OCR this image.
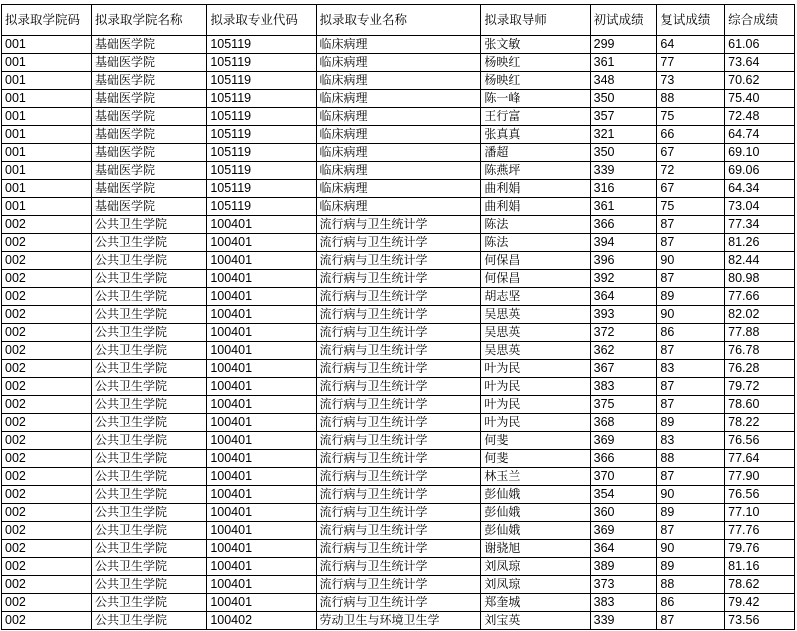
拟录取学院码	拟录取学院名称	拟录取专业代码	拟录取专业名称	拟录取导师	初试成绩	复试成绩	综合成绩
001	基础医学院	105119	临床病理	张文敏	299	64	61.06
001	基础医学院	105119	临床病理	杨映红	361	77	73.64
001	基础医学院	105119	临床病理	杨映红	348	73	70.62
001	基础医学院	105119	临床病理	陈一峰	350	88	75.40
001	基础医学院	105119	临床病理	王行富	357	75	72.48
001	基础医学院	105119	临床病理	张真真	321	66	64.74
001	基础医学院	105119	临床病理	潘超	350	67	69.10
001	基础医学院	105119	临床病理	陈燕坪	339	72	69.06
001	基础医学院	105119	临床病理	曲利娟	316	67	64.34
001	基础医学院	105119	临床病理	曲利娟	361	75	73.04
002	公共卫生学院	100401	流行病与卫生统计学	陈法	366	87	77.34
002	公共卫生学院	100401	流行病与卫生统计学	陈法	394	87	81.26
002	公共卫生学院	100401	流行病与卫生统计学	何保昌	396	90	82.44
002	公共卫生学院	100401	流行病与卫生统计学	何保昌	392	87	80.98
002	公共卫生学院	100401	流行病与卫生统计学	胡志坚	364	89	77.66
002	公共卫生学院	100401	流行病与卫生统计学	吴思英	393	90	82.02
002	公共卫生学院	100401	流行病与卫生统计学	吴思英	372	86	77.88
002	公共卫生学院	100401	流行病与卫生统计学	吴思英	362	87	76.78
002	公共卫生学院	100401	流行病与卫生统计学	叶为民	367	83	76.28
002	公共卫生学院	100401	流行病与卫生统计学	叶为民	383	87	79.72
002	公共卫生学院	100401	流行病与卫生统计学	叶为民	375	87	78.60
002	公共卫生学院	100401	流行病与卫生统计学	叶为民	368	89	78.22
002	公共卫生学院	100401	流行病与卫生统计学	何斐	369	83	76.56
002	公共卫生学院	100401	流行病与卫生统计学	何斐	366	88	77.64
002	公共卫生学院	100401	流行病与卫生统计学	林玉兰	370	87	77.90
002	公共卫生学院	100401	流行病与卫生统计学	彭仙娥	354	90	76.56
002	公共卫生学院	100401	流行病与卫生统计学	彭仙娥	360	89	77.10
002	公共卫生学院	100401	流行病与卫生统计学	彭仙娥	369	87	77.76
002	公共卫生学院	100401	流行病与卫生统计学	谢骁旭	364	90	79.76
002	公共卫生学院	100401	流行病与卫生统计学	刘凤琼	389	89	81.16
002	公共卫生学院	100401	流行病与卫生统计学	刘凤琼	373	88	78.62
002	公共卫生学院	100401	流行病与卫生统计学	郑奎城	383	86	79.42
002	公共卫生学院	100402	劳动卫生与环境卫生学	刘宝英	339	87	73.56
